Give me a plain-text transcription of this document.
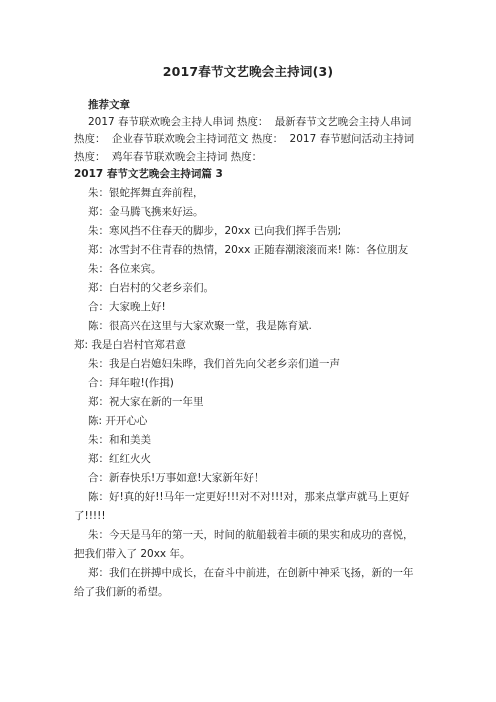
2017春节文艺晚会主持词(3)
推荐文章

2017 春节联欢晚会主持人串词 热度： 最新春节文艺晚会主持人串词 热度： 企业春节联欢晚会主持词范文 热度： 2017 春节慰问活动主持词 热度： 鸡年春节联欢晚会主持词 热度：

2017 春节文艺晚会主持词篇 3

朱：银蛇挥舞直奔前程，

郑：金马腾飞携来好运。

朱：寒风挡不住春天的脚步，20xx 已向我们挥手告别;

郑：冰雪封不住青春的热情，20xx 正随春潮滚滚而来! 陈：各位朋友

朱：各位来宾。

郑：白岩村的父老乡亲们。

合：大家晚上好!

陈：很高兴在这里与大家欢聚一堂，我是陈育斌.

郑: 我是白岩村官郑君意

朱：我是白岩媳妇朱晔，我们首先向父老乡亲们道一声

合：拜年啦!(作揖)

郑：祝大家在新的一年里

陈: 开开心心

朱：和和美美

郑：红红火火

合：新春快乐!万事如意!大家新年好！

陈：好!真的好!!马年一定更好!!!对不对!!!对，那来点掌声就马上更好了!!!!!

朱：今天是马年的第一天，时间的航船载着丰硕的果实和成功的喜悦，把我们带入了 20xx 年。

郑：我们在拼搏中成长，在奋斗中前进，在创新中神采飞扬，新的一年给了我们新的希望。
